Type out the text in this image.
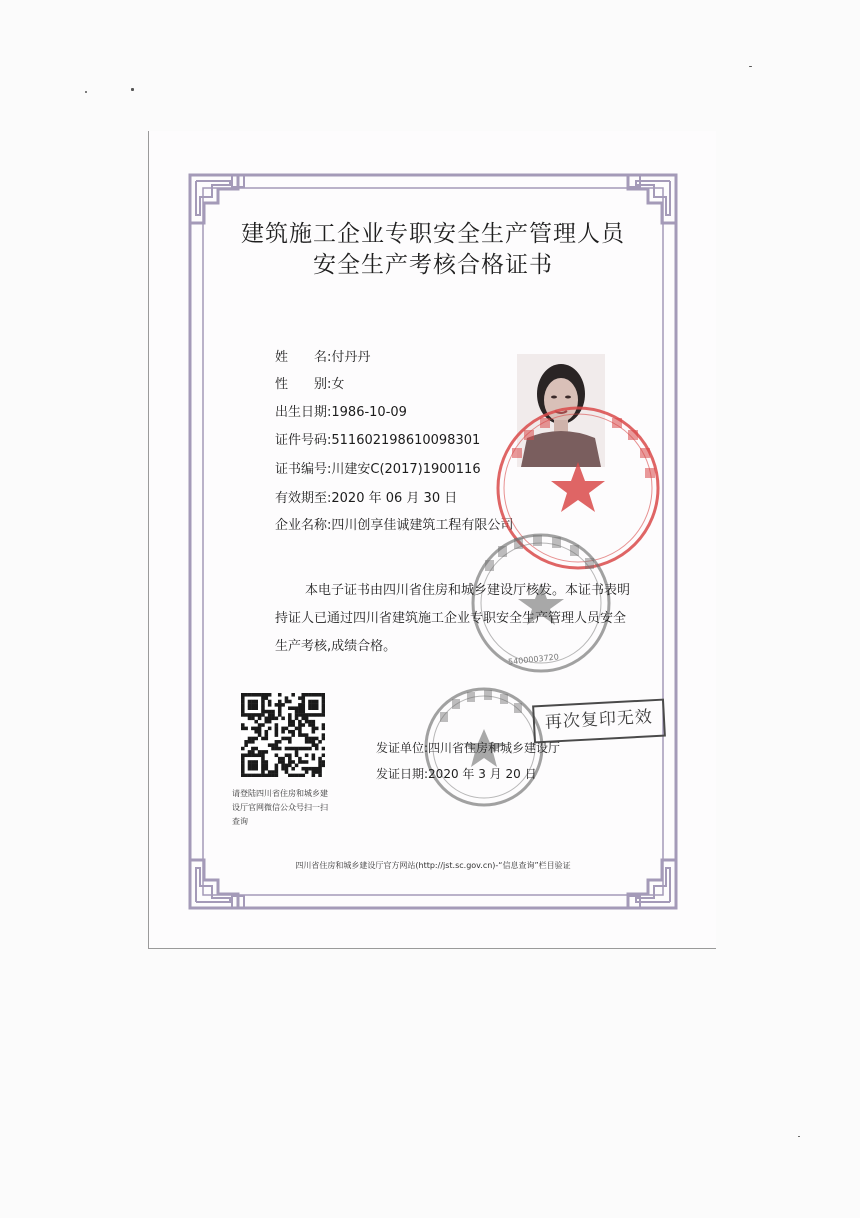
建筑施工企业专职安全生产管理人员
安全生产考核合格证书
姓　　名:付丹丹
性　　别:女
出生日期:1986-10-09
证件号码:511602198610098301
证书编号:川建安C(2017)1900116
有效期至:2020 年 06 月 30 日
企业名称:四川创享佳诚建筑工程有限公司
5400003720
本电子证书由四川省住房和城乡建设厅核发。本证书表明持证人已通过四川省建筑施工企业专职安全生产管理人员安全生产考核,成绩合格。
请登陆四川省住房和城乡建设厅官网微信公众号扫一扫查询
发证单位:四川省住房和城乡建设厅
发证日期:2020 年 3 月 20 日
再次复印无效
四川省住房和城乡建设厅官方网站(http://jst.sc.gov.cn)-“信息查询”栏目验证
